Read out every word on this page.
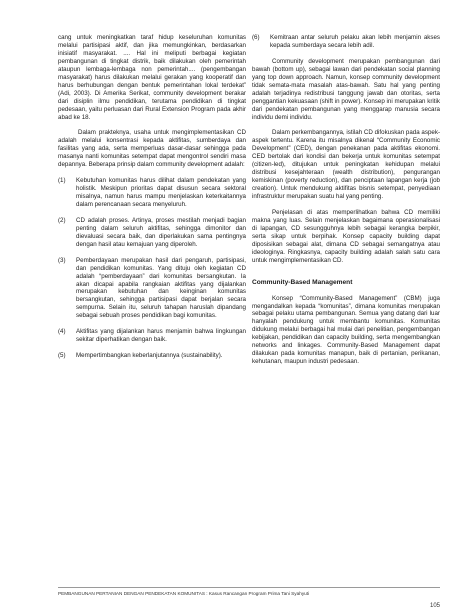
cang untuk meningkatkan taraf hidup keseluruhan komunitas melalui partisipasi aktif, dan jika memungkinkan, berdasarkan inisiatif masyarakat. .... Hal ini meliputi berbagai kegiatan pembangunan di tingkat distrik, baik dilakukan oleh pemerintah ataupun lembaga-lembaga non pemerintah.... (pengembangan masyarakat) harus dilakukan melalui gerakan yang kooperatif dan harus berhubungan dengan bentuk pemerintahan lokal terdekat” (Adi, 2003). Di Amerika Serikat, community development berakar dari disiplin ilmu pendidikan, terutama pendidikan di tingkat pedesaan, yaitu perluasan dari Rural Extension Program pada akhir abad ke 18.

Dalam prakteknya, usaha untuk mengimplementasikan CD adalah melalui konsentrasi kepada aktifitas, sumberdaya dan fasilitas yang ada, serta memperluas dasar-dasar sehingga pada masanya nanti komunitas setempat dapat mengontrol sendiri masa depannya. Beberapa prinsip dalam community development adalah:

(1)	Kebutuhan komunitas harus dilihat dalam pendekatan yang holistik. Meskipun prioritas dapat disusun secara sektoral misalnya, namun harus mampu menjelaskan keterkaitannya dalam perencanaan secara menyeluruh.
(2)	CD adalah proses. Artinya, proses mestilah menjadi bagian penting dalam seluruh aktifitas, sehingga dimonitor dan dievaluasi secara baik, dan diperlakukan sama pentingnya dengan hasil atau kemajuan yang diperoleh.
(3)	Pemberdayaan merupakan hasil dari pengaruh, partisipasi, dan pendidikan komunitas. Yang dituju oleh kegiatan CD adalah “pemberdayaan” dari komunitas bersangkutan. Ia akan dicapai apabila rangkaian aktifitas yang dijalankan merupakan kebutuhan dan keinginan komunitas bersangkutan, sehingga partisipasi dapat berjalan secara sempurna. Selain itu, seluruh tahapan haruslah dipandang sebagai sebuah proses pendidikan bagi komunitas.
(4)	Aktifitas yang dijalankan harus menjamin bahwa lingkungan sekitar diperhatikan dengan baik.
(5)	Mempertimbangkan keberlanjutannya (sustainability).
(6)	Kemitraan antar seluruh pelaku akan lebih menjamin akses kepada sumberdaya secara lebih adil.

Community development merupakan pembangunan dari bawah (bottom up), sebagai lawan dari pendekatan social planning yang top down approach. Namun, konsep community development tidak semata-mata masalah atas-bawah. Satu hal yang penting adalah terjadinya redistribusi tanggung jawab dan otoritas, serta penggantian kekuasaan (shift in power). Konsep ini merupakan kritik dari pendekatan pembangunan yang menggarap manusia secara individu demi individu.

Dalam perkembangannya, istilah CD difokuskan pada aspek-aspek tertentu. Karena itu misalnya dikenal “Community Economic Development” (CED), dengan penekanan pada aktifitas ekonomi. CED bertolak dari kondisi dan bekerja untuk komunitas setempat (citizen-led), ditujukan untuk peningkatan kehidupan melalui distribusi kesejahteraan (wealth distribution), pengurangan kemiskinan (poverty reduction), dan penciptaan lapangan kerja (job creation). Untuk mendukung aktifitas bisnis setempat, penyediaan infrastruktur merupakan suatu hal yang penting.

Penjelasan di atas memperlihatkan bahwa CD memiliki makna yang luas. Selain menjelaskan bagaimana operasionalisasi di lapangan, CD sesungguhnya lebih sebagai kerangka berpikir, serta sikap untuk berpihak. Konsep capacity building dapat diposisikan sebagai alat, dimana CD sebagai semangatnya atau ideologinya. Ringkasnya, capacity building adalah salah satu cara untuk mengimplementasikan CD.

Community-Based Management

Konsep “Community-Based Management” (CBM) juga mengandalkan kepada “komunitas”, dimana komunitas merupakan sebagai pelaku utama pembangunan. Semua yang datang dari luar hanyalah pendukung untuk membantu komunitas. Komunitas didukung melalui berbagai hal mulai dari penelitian, pengembangan kebijakan, pendidikan dan capacity building, serta mengembangkan networks and linkages. Community-Based Management dapat dilakukan pada komunitas manapun, baik di pertanian, perikanan, kehutanan, maupun industri pedesaan.

PEMBANGUNAN PERTANIAN DENGAN PENDEKATAN KOMUNITAS : Kasus Rancangan Program Prima Tani Syahyuti
105
